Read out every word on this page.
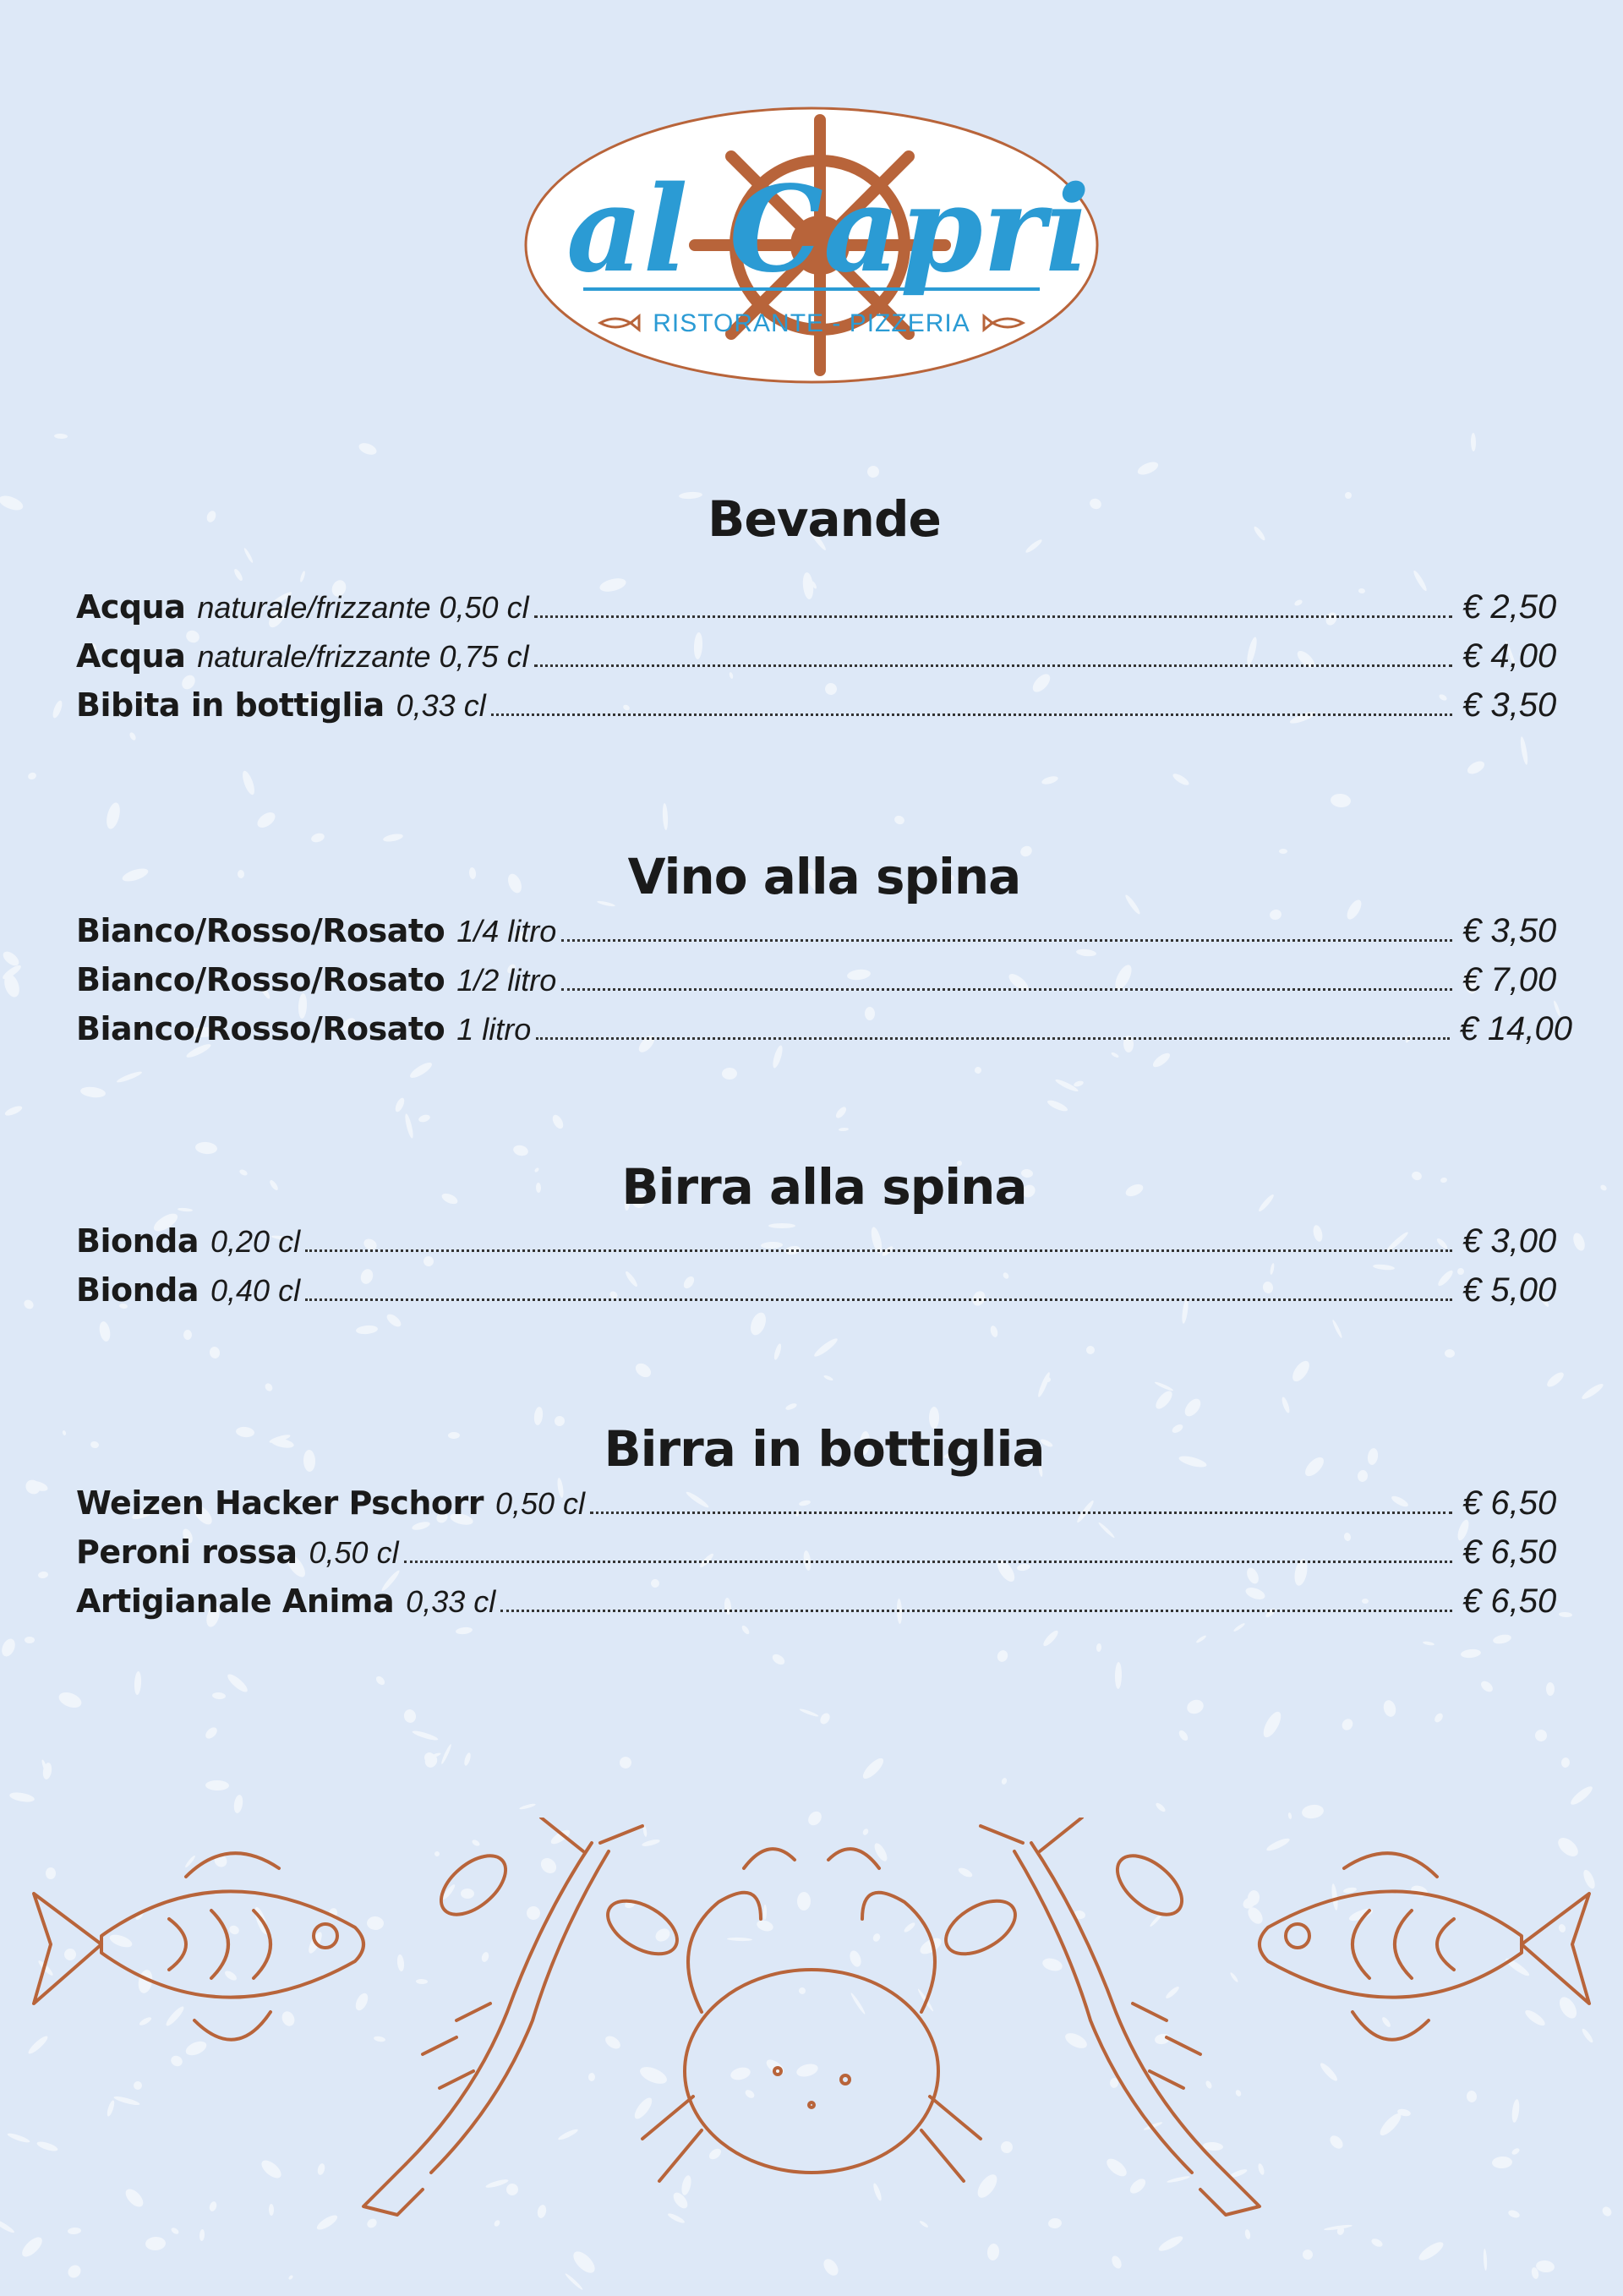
al Capri
RISTORANTE - PIZZERIA
Bevande
Acqua naturale/frizzante 0,50 cl	€ 2,50
Acqua naturale/frizzante 0,75 cl	€ 4,00
Bibita in bottiglia 0,33 cl	€ 3,50
Vino alla spina
Bianco/Rosso/Rosato 1/4 litro	€ 3,50
Bianco/Rosso/Rosato 1/2 litro	€ 7,00
Bianco/Rosso/Rosato 1 litro	€ 14,00
Birra alla spina
Bionda 0,20 cl	€ 3,00
Bionda 0,40 cl	€ 5,00
Birra in bottiglia
Weizen Hacker Pschorr 0,50 cl	€ 6,50
Peroni rossa 0,50 cl	€ 6,50
Artigianale Anima 0,33 cl	€ 6,50
